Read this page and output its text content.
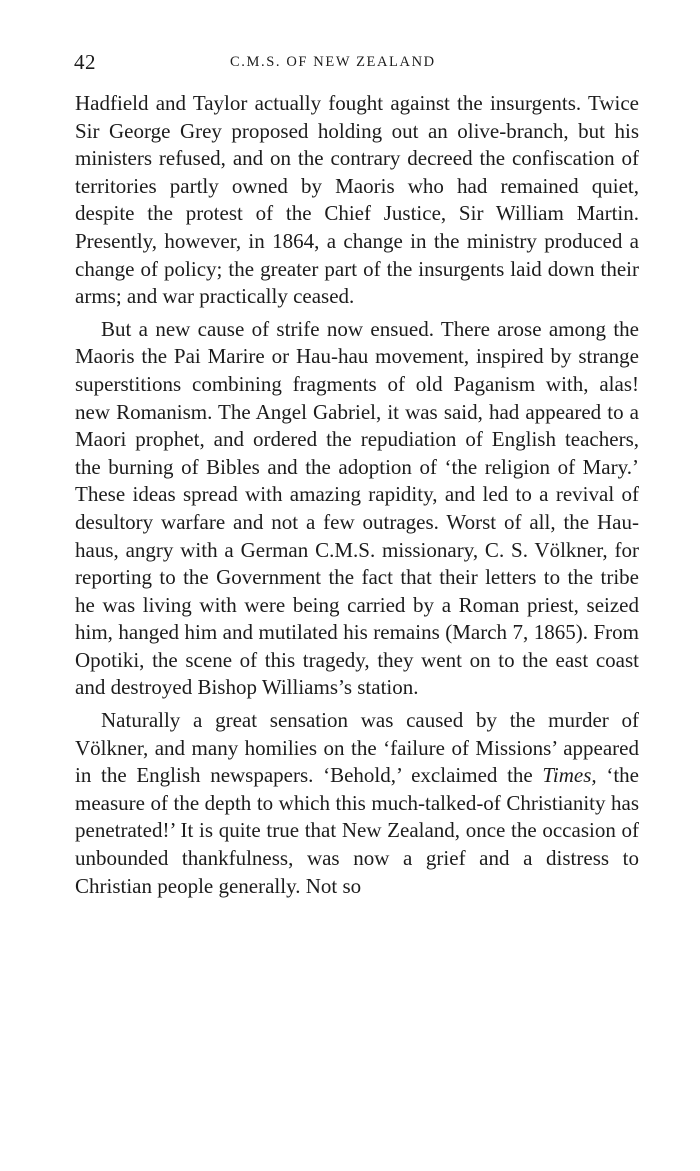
42	C.M.S. OF NEW ZEALAND

Hadfield and Taylor actually fought against the insurgents. Twice Sir George Grey proposed holding out an olive-branch, but his ministers refused, and on the contrary decreed the confiscation of territories partly owned by Maoris who had remained quiet, despite the protest of the Chief Justice, Sir William Martin. Presently, however, in 1864, a change in the ministry produced a change of policy; the greater part of the insurgents laid down their arms; and war practically ceased.

But a new cause of strife now ensued. There arose among the Maoris the Pai Marire or Hau-hau movement, inspired by strange superstitions combining fragments of old Paganism with, alas! new Romanism. The Angel Gabriel, it was said, had appeared to a Maori prophet, and ordered the repudiation of English teachers, the burning of Bibles and the adoption of ‘the religion of Mary.’ These ideas spread with amazing rapidity, and led to a revival of desultory warfare and not a few outrages. Worst of all, the Hau-haus, angry with a German C.M.S. missionary, C. S. Völkner, for reporting to the Government the fact that their letters to the tribe he was living with were being carried by a Roman priest, seized him, hanged him and mutilated his remains (March 7, 1865). From Opotiki, the scene of this tragedy, they went on to the east coast and destroyed Bishop Williams’s station.

Naturally a great sensation was caused by the murder of Völkner, and many homilies on the ‘failure of Missions’ appeared in the English newspapers. ‘Behold,’ exclaimed the Times, ‘the measure of the depth to which this much-talked-of Christianity has penetrated!’ It is quite true that New Zealand, once the occasion of unbounded thankfulness, was now a grief and a distress to Christian people generally. Not so
